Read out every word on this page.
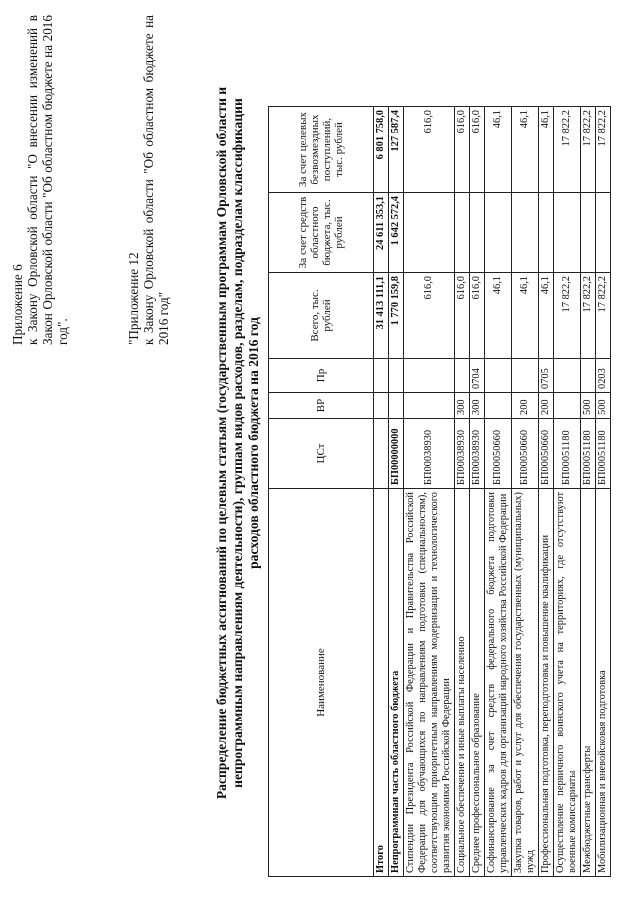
Приложение 6 к Закону Орловской области "О внесении изменений в Закон Орловской области "Об областном бюджете на 2016 год".	"Приложение 12 к Закону Орловской области "Об областном бюджете на 2016 год"	Распределение бюджетных ассигнований по целевым статьям (государственным программам Орловской области и непрограммным направлениям деятельности), группам видов расходов, разделам, подразделам классификации расходов областного бюджета на 2016 год
Наименование	ЦСт	ВР	Пр	Всего, тыс. рублей	За счет средств областного бюджета, тыс. рублей	За счет целевых безвозмездных поступлений, тыс. рублей
Итого				31 413 111,1	24 611 353,1	6 801 758,0
Непрограммная часть областного бюджета	БП00000000			1 770 159,8	1 642 572,4	127 587,4
Стипендии Президента Российской Федерации и Правительства Российской Федерации для обучающихся по направлениям подготовки (специальностям), соответствующим приоритетным направлениям модернизации и технологического развития экономики Российской Федерации	БП00038930			616,0		616,0
Социальное обеспечение и иные выплаты населению	БП00038930	300		616,0		616,0
Среднее профессиональное образование	БП00038930	300	0704	616,0		616,0
Софинансирование за счет средств федерального бюджета подготовки управленческих кадров для организаций народного хозяйства Российской Федерации	БП00050660			46,1		46,1
Закупка товаров, работ и услуг для обеспечения государственных (муниципальных) нужд	БП00050660	200		46,1		46,1
Профессиональная подготовка, переподготовка и повышение квалификации	БП00050660	200	0705	46,1		46,1
Осуществление первичного воинского учета на территориях, где отсутствуют военные комиссариаты	БП00051180			17 822,2		17 822,2
Межбюджетные трансферты	БП00051180	500		17 822,2		17 822,2
Мобилизационная и вневойсковая подготовка	БП00051180	500	0203	17 822,2		17 822,2
